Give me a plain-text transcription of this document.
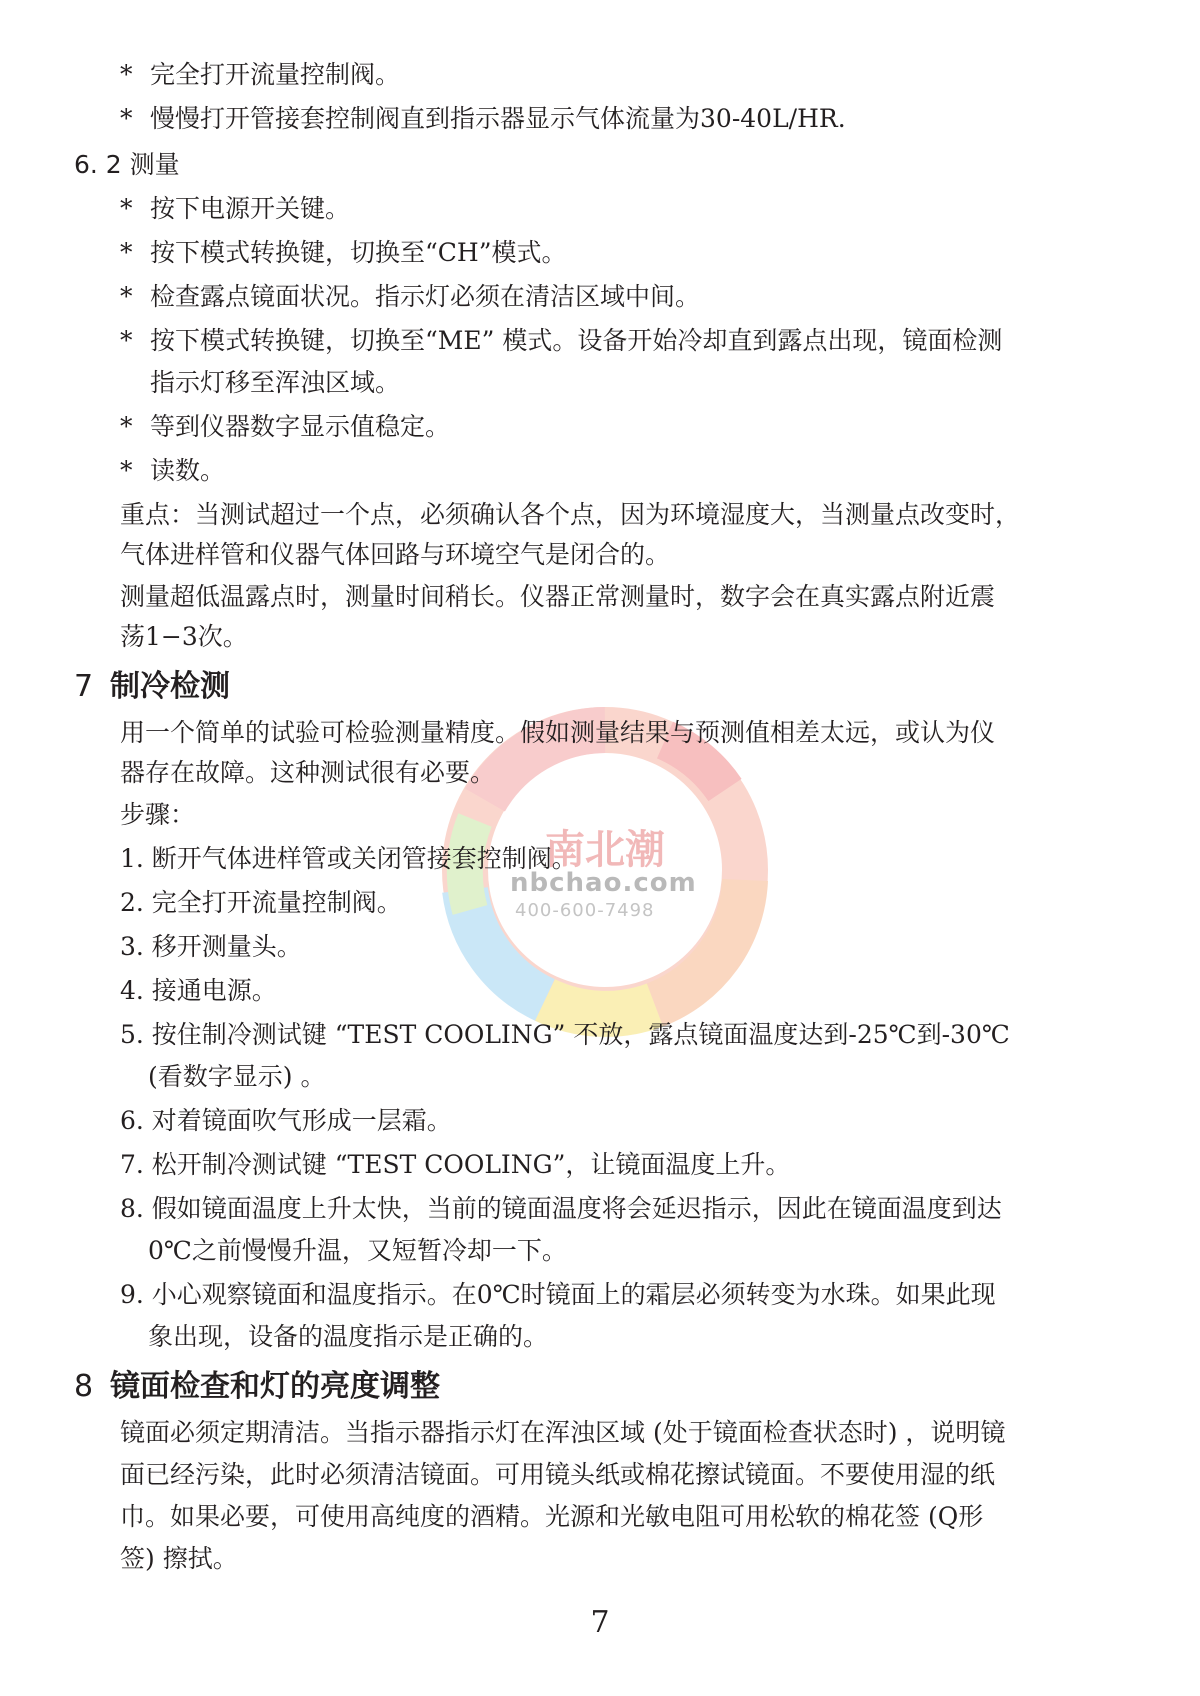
南北潮
nbchao.com
400-600-7498
* 完全打开流量控制阀。
* 慢慢打开管接套控制阀直到指示器显示气体流量为30-40L/HR.
6. 2 测量
* 按下电源开关键。
* 按下模式转换键，切换至“CH”模式。
* 检查露点镜面状况。指示灯必须在清洁区域中间。
* 按下模式转换键，切换至“ME” 模式。设备开始冷却直到露点出现，镜面检测
指示灯移至浑浊区域。
* 等到仪器数字显示值稳定。
* 读数。
重点：当测试超过一个点，必须确认各个点，因为环境湿度大，当测量点改变时，
气体进样管和仪器气体回路与环境空气是闭合的。
测量超低温露点时，测量时间稍长。仪器正常测量时，数字会在真实露点附近震
荡1−3次。
7 制冷检测
用一个简单的试验可检验测量精度。假如测量结果与预测值相差太远，或认为仪
器存在故障。这种测试很有必要。
步骤：
1. 断开气体进样管或关闭管接套控制阀。
2. 完全打开流量控制阀。
3. 移开测量头。
4. 接通电源。
5. 按住制冷测试键 “TEST COOLING” 不放，露点镜面温度达到-25℃到-30℃
(看数字显示) 。
6. 对着镜面吹气形成一层霜。
7. 松开制冷测试键 “TEST COOLING”，让镜面温度上升。
8. 假如镜面温度上升太快，当前的镜面温度将会延迟指示，因此在镜面温度到达
0℃之前慢慢升温，又短暂冷却一下。
9. 小心观察镜面和温度指示。在0℃时镜面上的霜层必须转变为水珠。如果此现
象出现，设备的温度指示是正确的。
8 镜面检查和灯的亮度调整
镜面必须定期清洁。当指示器指示灯在浑浊区域 (处于镜面检查状态时) ，说明镜
面已经污染，此时必须清洁镜面。可用镜头纸或棉花擦试镜面。不要使用湿的纸
巾。如果必要，可使用高纯度的酒精。光源和光敏电阻可用松软的棉花签 (Q形
签) 擦拭。
7
